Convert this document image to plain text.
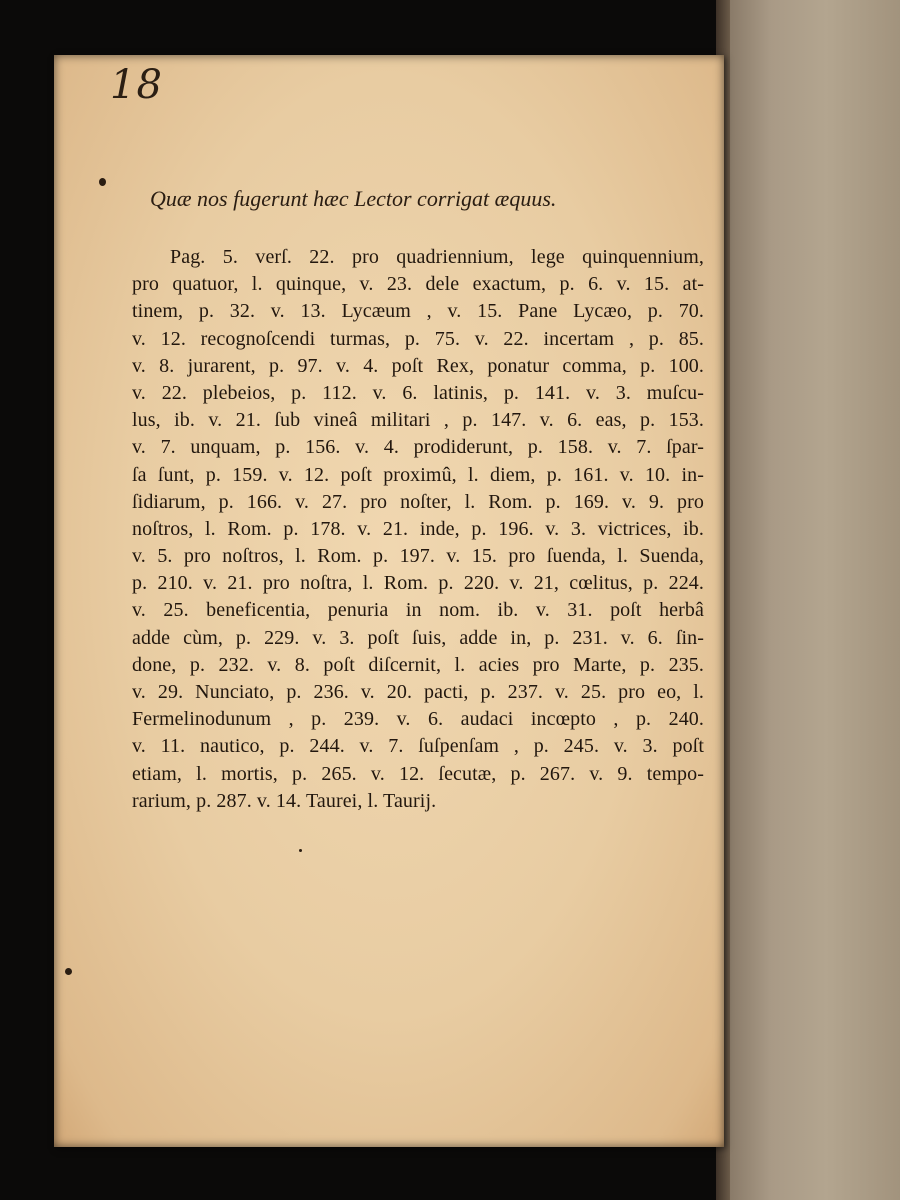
18
Quæ nos fugerunt hæc Lector corrigat æquus.
Pag. 5. verſ. 22. pro quadriennium, lege quinquennium,
pro quatuor, l. quinque, v. 23. dele exactum, p. 6. v. 15. at-
tinem, p. 32. v. 13. Lycæum , v. 15. Pane Lycæo, p. 70.
v. 12. recognoſcendi turmas, p. 75. v. 22. incertam , p. 85.
v. 8. jurarent, p. 97. v. 4. poſt Rex, ponatur comma, p. 100.
v. 22. plebeios, p. 112. v. 6. latinis, p. 141. v. 3. muſcu-
lus, ib. v. 21. ſub vineâ militari , p. 147. v. 6. eas, p. 153.
v. 7. unquam, p. 156. v. 4. prodiderunt, p. 158. v. 7. ſpar-
ſa ſunt, p. 159. v. 12. poſt proximû, l. diem, p. 161. v. 10. in-
ſidiarum, p. 166. v. 27. pro noſter, l. Rom. p. 169. v. 9. pro
noſtros, l. Rom. p. 178. v. 21. inde, p. 196. v. 3. victrices, ib.
v. 5. pro noſtros, l. Rom. p. 197. v. 15. pro ſuenda, l. Suenda,
p. 210. v. 21. pro noſtra, l. Rom. p. 220. v. 21, cœlitus, p. 224.
v. 25. beneficentia, penuria in nom. ib. v. 31. poſt herbâ
adde cùm, p. 229. v. 3. poſt ſuis, adde in, p. 231. v. 6. ſin-
done, p. 232. v. 8. poſt diſcernit, l. acies pro Marte, p. 235.
v. 29. Nunciato, p. 236. v. 20. pacti, p. 237. v. 25. pro eo, l.
Fermelinodunum , p. 239. v. 6. audaci incœpto , p. 240.
v. 11. nautico, p. 244. v. 7. ſuſpenſam , p. 245. v. 3. poſt
etiam, l. mortis, p. 265. v. 12. ſecutæ, p. 267. v. 9. tempo-
rarium, p. 287. v. 14. Taurei, l. Taurij.
